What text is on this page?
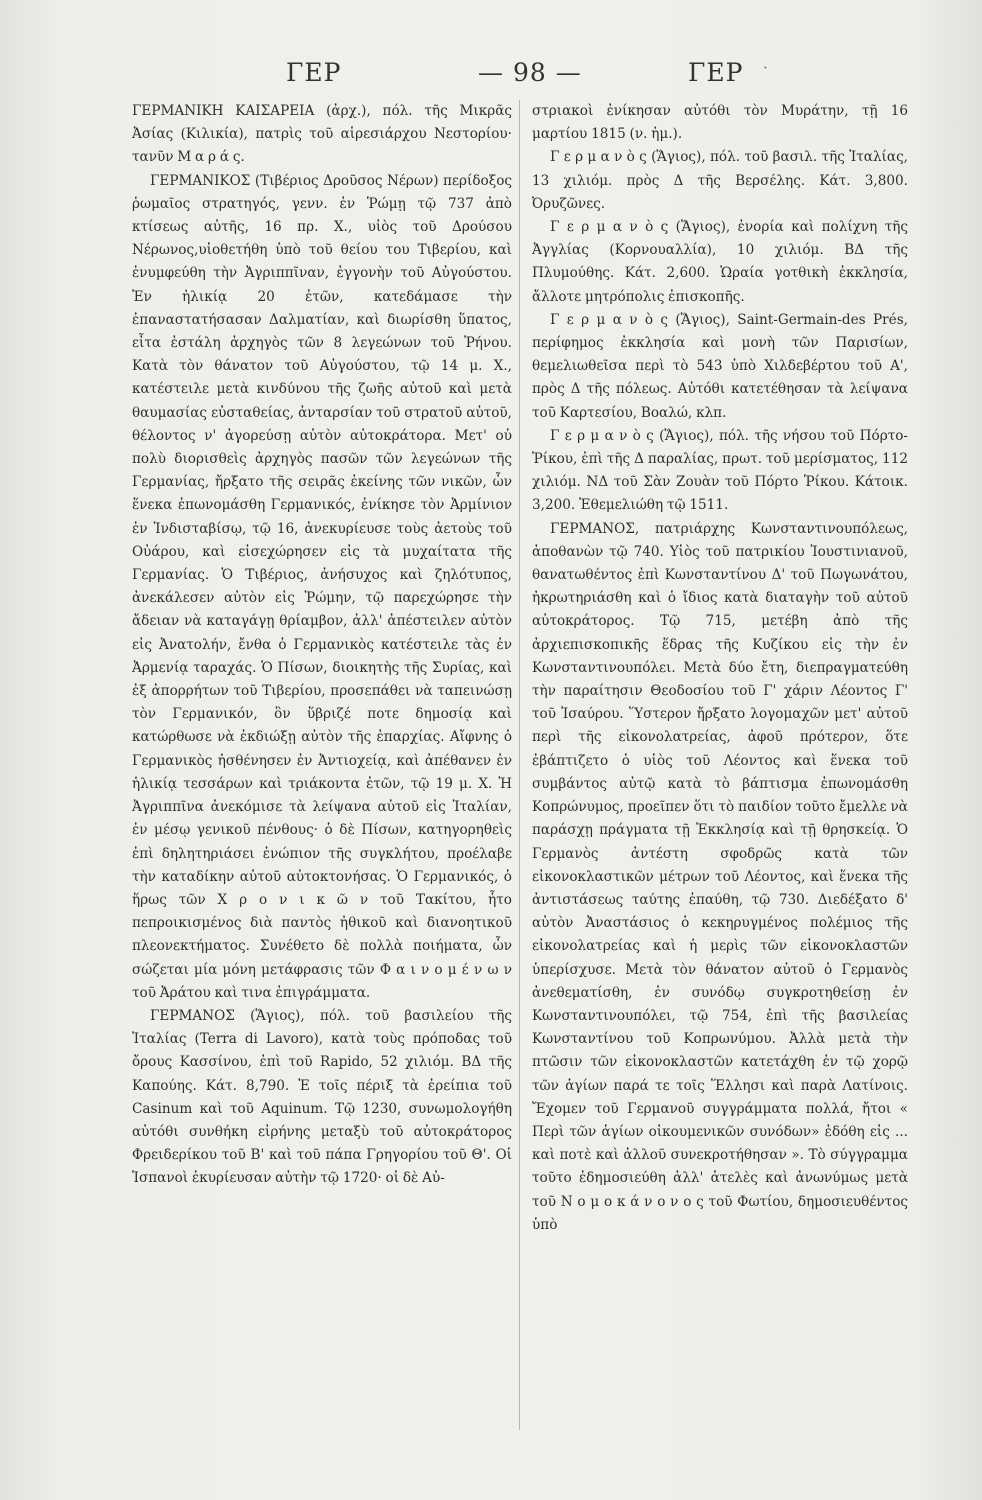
ΓΕΡ	— 98 —	ΓΕΡ ·

ΓΕΡΜΑΝΙΚΗ ΚΑΙΣΑΡΕΙΑ (ἀρχ.), πόλ. τῆς Μικρᾶς Ἀσίας (Κιλικία), πατρὶς τοῦ αἱρεσιάρχου Νεστορίου· τανῦν Μ α ρ ά ς.

ΓΕΡΜΑΝΙΚΟΣ (Τιβέριος Δροῦσος Νέρων) περίδοξος ῥωμαῖος στρατηγός, γενν. ἐν Ῥώμῃ τῷ 737 ἀπὸ κτίσεως αὐτῆς, 16 πρ. Χ., υἱὸς τοῦ Δρούσου Νέρωνος,υἱοθετήθη ὑπὸ τοῦ θείου του Τιβερίου, καὶ ἐνυμφεύθη τὴν Ἀγριππῖναν, ἐγγονὴν τοῦ Αὐγούστου. Ἐν ἡλικίᾳ 20 ἐτῶν, κατεδάμασε τὴν ἐπαναστατήσασαν Δαλματίαν, καὶ διωρίσθη ὕπατος, εἶτα ἐστάλη ἀρχηγὸς τῶν 8 λεγεώνων τοῦ Ῥήνου. Κατὰ τὸν θάνατον τοῦ Αὐγούστου, τῷ 14 μ. Χ., κατέστειλε μετὰ κινδύνου τῆς ζωῆς αὐτοῦ καὶ μετὰ θαυμασίας εὐσταθείας, ἀνταρσίαν τοῦ στρατοῦ αὐτοῦ, θέλοντος ν' ἀγορεύσῃ αὐτὸν αὐτοκράτορα. Μετ' οὐ πολὺ διορισθεὶς ἀρχηγὸς πασῶν τῶν λεγεώνων τῆς Γερμανίας, ἤρξατο τῆς σειρᾶς ἐκείνης τῶν νικῶν, ὧν ἕνεκα ἐπωνομάσθη Γερμανικός, ἐνίκησε τὸν Ἀρμίνιον ἐν Ἰνδισταβίσῳ, τῷ 16, ἀνεκυρίευσε τοὺς ἀετοὺς τοῦ Οὐάρου, καὶ εἰσεχώρησεν εἰς τὰ μυχαίτατα τῆς Γερμανίας. Ὁ Τιβέριος, ἀνήσυχος καὶ ζηλότυπος, ἀνεκάλεσεν αὐτὸν εἰς Ῥώμην, τῷ παρεχώρησε τὴν ἄδειαν νὰ καταγάγῃ θρίαμβον, ἀλλ' ἀπέστειλεν αὐτὸν εἰς Ἀνατολήν, ἔνθα ὁ Γερμανικὸς κατέστειλε τὰς ἐν Ἀρμενίᾳ ταραχάς. Ὁ Πίσων, διοικητὴς τῆς Συρίας, καὶ ἐξ ἀπορρήτων τοῦ Τιβερίου, προσεπάθει νὰ ταπεινώσῃ τὸν Γερμανικόν, ὃν ὕβριζέ ποτε δημοσίᾳ καὶ κατώρθωσε νὰ ἐκδιώξῃ αὐτὸν τῆς ἐπαρχίας. Αἴφνης ὁ Γερμανικὸς ἠσθένησεν ἐν Ἀντιοχείᾳ, καὶ ἀπέθανεν ἐν ἡλικίᾳ τεσσάρων καὶ τριάκοντα ἐτῶν, τῷ 19 μ. Χ. Ἡ Ἀγριππῖνα ἀνεκόμισε τὰ λείψανα αὐτοῦ εἰς Ἰταλίαν, ἐν μέσῳ γενικοῦ πένθους· ὁ δὲ Πίσων, κατηγορηθεὶς ἐπὶ δηλητηριάσει ἐνώπιον τῆς συγκλήτου, προέλαβε τὴν καταδίκην αὐτοῦ αὐτοκτονήσας. Ὁ Γερμανικός, ὁ ἥρως τῶν Χ ρ ο ν ι κ ῶ ν τοῦ Τακίτου, ἦτο πεπροικισμένος διὰ παντὸς ἠθικοῦ καὶ διανοητικοῦ πλεονεκτήματος. Συνέθετο δὲ πολλὰ ποιήματα, ὧν σώζεται μία μόνη μετάφρασις τῶν Φ α ι ν ο μ έ ν ω ν τοῦ Ἀράτου καὶ τινα ἐπιγράμματα.

ΓΕΡΜΑΝΟΣ (Ἅγιος), πόλ. τοῦ βασιλείου τῆς Ἰταλίας (Terra di Lavoro), κατὰ τοὺς πρόποδας τοῦ ὄρους Κασσίνου, ἐπὶ τοῦ Rapido, 52 χιλιόμ. ΒΔ τῆς Καπούης. Κάτ. 8,790. Ἐ τοῖς πέριξ τὰ ἐρείπια τοῦ Casinum καὶ τοῦ Aquinum. Τῷ 1230, συνωμολογήθη αὐτόθι συνθήκη εἰρήνης μεταξὺ τοῦ αὐτοκράτορος Φρειδερίκου τοῦ Β' καὶ τοῦ πάπα Γρηγορίου τοῦ Θ'. Οἱ Ἱσπανοὶ ἐκυρίευσαν αὐτὴν τῷ 1720· οἱ δὲ Αὐ-

στριακοὶ ἐνίκησαν αὐτόθι τὸν Μυράτην, τῇ 16 μαρτίου 1815 (ν. ἡμ.).

Γ ε ρ μ α ν ὸ ς (Ἅγιος), πόλ. τοῦ βασιλ. τῆς Ἰταλίας, 13 χιλιόμ. πρὸς Δ τῆς Βερσέλης. Κάτ. 3,800. Ὀρυζῶνες.

Γ ε ρ μ α ν ὸ ς (Ἅγιος), ἐνορία καὶ πολίχνη τῆς Ἀγγλίας (Κορνουαλλία), 10 χιλιόμ. ΒΔ τῆς Πλυμούθης. Κάτ. 2,600. Ὡραία γοτθικὴ ἐκκλησία, ἄλλοτε μητρόπολις ἐπισκοπῆς.

Γ ε ρ μ α ν ὸ ς (Ἅγιος), Saint-Germain-des Prés, περίφημος ἐκκλησία καὶ μονὴ τῶν Παρισίων, θεμελιωθεῖσα περὶ τὸ 543 ὑπὸ Χιλδεβέρτου τοῦ Α', πρὸς Δ τῆς πόλεως. Αὐτόθι κατετέθησαν τὰ λείψανα τοῦ Καρτεσίου, Βοαλώ, κλπ.

Γ ε ρ μ α ν ὸ ς (Ἅγιος), πόλ. τῆς νήσου τοῦ Πόρτο-Ῥίκου, ἐπὶ τῆς Δ παραλίας, πρωτ. τοῦ μερίσματος, 112 χιλιόμ. ΝΔ τοῦ Σὰν Ζουὰν τοῦ Πόρτο Ῥίκου. Κάτοικ. 3,200. Ἐθεμελιώθη τῷ 1511.

ΓΕΡΜΑΝΟΣ, πατριάρχης Κωνσταντινουπόλεως, ἀποθανὼν τῷ 740. Υἱὸς τοῦ πατρικίου Ἰουστινιανοῦ, θανατωθέντος ἐπὶ Κωνσταντίνου Δ' τοῦ Πωγωνάτου, ἠκρωτηριάσθη καὶ ὁ ἴδιος κατὰ διαταγὴν τοῦ αὐτοῦ αὐτοκράτορος. Τῷ 715, μετέβη ἀπὸ τῆς ἀρχιεπισκοπικῆς ἕδρας τῆς Κυζίκου εἰς τὴν ἐν Κωνσταντινουπόλει. Μετὰ δύο ἔτη, διεπραγματεύθη τὴν παραίτησιν Θεοδοσίου τοῦ Γ' χάριν Λέοντος Γ' τοῦ Ἰσαύρου. Ὕστερον ἤρξατο λογομαχῶν μετ' αὐτοῦ περὶ τῆς εἰκονολατρείας, ἀφοῦ πρότερον, ὅτε ἐβάπτιζετο ὁ υἱὸς τοῦ Λέοντος καὶ ἕνεκα τοῦ συμβάντος αὐτῷ κατὰ τὸ βάπτισμα ἐπωνομάσθη Κοπρώνυμος, προεῖπεν ὅτι τὸ παιδίον τοῦτο ἔμελλε νὰ παράσχῃ πράγματα τῇ Ἐκκλησίᾳ καὶ τῇ θρησκείᾳ. Ὁ Γερμανὸς ἀντέστη σφοδρῶς κατὰ τῶν εἰκονοκλαστικῶν μέτρων τοῦ Λέοντος, καὶ ἕνεκα τῆς ἀντιστάσεως ταύτης ἐπαύθη, τῷ 730. Διεδέξατο δ' αὐτὸν Ἀναστάσιος ὁ κεκηρυγμένος πολέμιος τῆς εἰκονολατρείας καὶ ἡ μερὶς τῶν εἰκονοκλαστῶν ὑπερίσχυσε. Μετὰ τὸν θάνατον αὐτοῦ ὁ Γερμανὸς ἀνεθεματίσθη, ἐν συνόδῳ συγκροτηθείσῃ ἐν Κωνσταντινουπόλει, τῷ 754, ἐπὶ τῆς βασιλείας Κωνσταντίνου τοῦ Κοπρωνύμου. Ἀλλὰ μετὰ τὴν πτῶσιν τῶν εἰκονοκλαστῶν κατετάχθη ἐν τῷ χορῷ τῶν ἁγίων παρά τε τοῖς Ἕλλησι καὶ παρὰ Λατίνοις. Ἔχομεν τοῦ Γερμανοῦ συγγράμματα πολλά, ἤτοι « Περὶ τῶν ἁγίων οἰκουμενικῶν συνόδων» ἐδόθη εἰς ... καὶ ποτὲ καὶ ἀλλοῦ συνεκροτήθησαν ». Τὸ σύγγραμμα τοῦτο ἐδημοσιεύθη ἀλλ' ἀτελὲς καὶ ἀνωνύμως μετὰ τοῦ Ν ο μ ο κ ά ν ο ν ο ς τοῦ Φωτίου, δημοσιευθέντος ὑπὸ
